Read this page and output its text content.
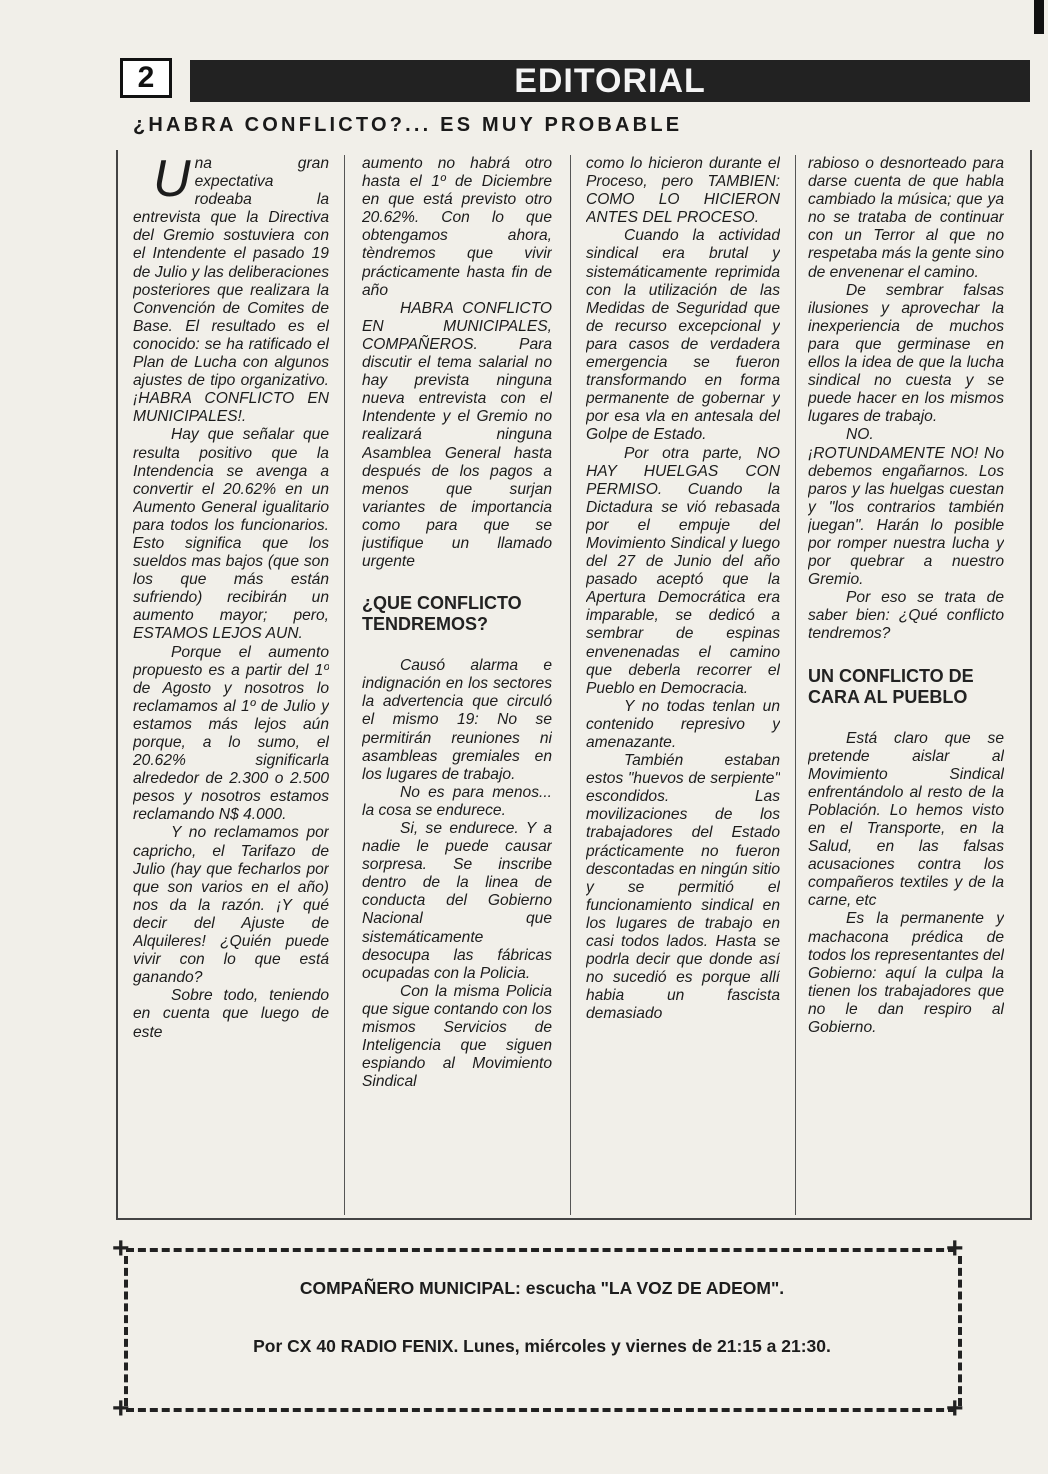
2	EDITORIAL
¿HABRA CONFLICTO?... ES MUY PROBABLE

Una gran expectativa rodeaba la entrevista que la Directiva del Gremio sostuviera con el Intendente el pasado 19 de Julio y las deliberaciones posteriores que realizara la Convención de Comites de Base. El resultado es el conocido: se ha ratificado el Plan de Lucha con algunos ajustes de tipo organizativo. ¡HABRA CONFLICTO EN MUNICIPALES!.

Hay que señalar que resulta positivo que la Intendencia se avenga a convertir el 20.62% en un Aumento General igualitario para todos los funcionarios. Esto significa que los sueldos mas bajos (que son los que más están sufriendo) recibirán un aumento mayor; pero, ESTAMOS LEJOS AUN.

Porque el aumento propuesto es a partir del 1º de Agosto y nosotros lo reclamamos al 1º de Julio y estamos más lejos aún porque, a lo sumo, el 20.62% significarla alrededor de 2.300 o 2.500 pesos y nosotros estamos reclamando N$ 4.000.

Y no reclamamos por capricho, el Tarifazo de Julio (hay que fecharlos por que son varios en el año) nos da la razón. ¡Y qué decir del Ajuste de Alquileres! ¿Quién puede vivir con lo que está ganando?

Sobre todo, teniendo en cuenta que luego de este

aumento no habrá otro hasta el 1º de Diciembre en que está previsto otro 20.62%. Con lo que obtengamos ahora, tèndremos que vivir prácticamente hasta fin de año

HABRA CONFLICTO EN MUNICIPALES, COMPAÑEROS. Para discutir el tema salarial no hay prevista ninguna nueva entrevista con el Intendente y el Gremio no realizará ninguna Asamblea General hasta después de los pagos a menos que surjan variantes de importancia como para que se justifique un llamado urgente

¿QUE CONFLICTO TENDREMOS?

Causó alarma e indignación en los sectores la advertencia que circuló el mismo 19: No se permitirán reuniones ni asambleas gremiales en los lugares de trabajo.

No es para menos... la cosa se endurece.

Si, se endurece. Y a nadie le puede causar sorpresa. Se inscribe dentro de la linea de conducta del Gobierno Nacional que sistemáticamente desocupa las fábricas ocupadas con la Policia.

Con la misma Policia que sigue contando con los mismos Servicios de Inteligencia que siguen espiando al Movimiento Sindical

como lo hicieron durante el Proceso, pero TAMBIEN: COMO LO HICIERON ANTES DEL PROCESO.

Cuando la actividad sindical era brutal y sistemáticamente reprimida con la utilización de las Medidas de Seguridad que de recurso excepcional y para casos de verdadera emergencia se fueron transformando en forma permanente de gobernar y por esa vla en antesala del Golpe de Estado.

Por otra parte, NO HAY HUELGAS CON PERMISO. Cuando la Dictadura se vió rebasada por el empuje del Movimiento Sindical y luego del 27 de Junio del año pasado aceptó que la Apertura Democrática era imparable, se dedicó a sembrar de espinas envenenadas el camino que deberla recorrer el Pueblo en Democracia.

Y no todas tenlan un contenido represivo y amenazante.

También estaban estos "huevos de serpiente" escondidos. Las movilizaciones de los trabajadores del Estado prácticamente no fueron descontadas en ningún sitio y se permitió el funcionamiento sindical en los lugares de trabajo en casi todos lados. Hasta se podrla decir que donde así no sucedió es porque allí habia un fascista demasiado

rabioso o desnorteado para darse cuenta de que habla cambiado la música; que ya no se trataba de continuar con un Terror al que no respetaba más la gente sino de envenenar el camino.

De sembrar falsas ilusiones y aprovechar la inexperiencia de muchos para que germinase en ellos la idea de que la lucha sindical no cuesta y se puede hacer en los mismos lugares de trabajo.

NO. ¡ROTUNDAMENTE NO! No debemos engañarnos. Los paros y las huelgas cuestan y "los contrarios también juegan". Harán lo posible por romper nuestra lucha y por quebrar a nuestro Gremio.

Por eso se trata de saber bien: ¿Qué conflicto tendremos?

UN CONFLICTO DE CARA AL PUEBLO

Está claro que se pretende aislar al Movimiento Sindical enfrentándolo al resto de la Población. Lo hemos visto en el Transporte, en la Salud, en las falsas acusaciones contra los compañeros textiles y de la carne, etc

Es la permanente y machacona prédica de todos los representantes del Gobierno: aquí la culpa la tienen los trabajadores que no le dan respiro al Gobierno.

+	+
+	+
COMPAÑERO MUNICIPAL: escucha "LA VOZ DE ADEOM".
Por CX 40 RADIO FENIX. Lunes, miércoles y viernes de 21:15 a 21:30.
